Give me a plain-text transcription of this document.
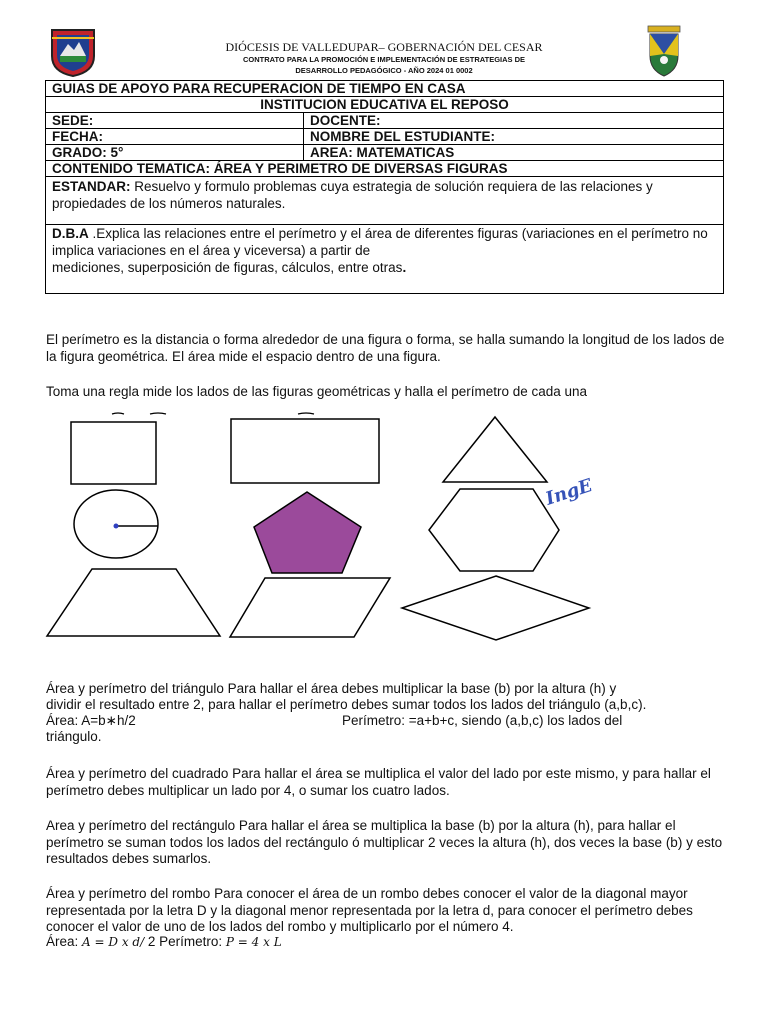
DIÓCESIS DE VALLEDUPAR– GOBERNACIÓN DEL CESAR
CONTRATO PARA LA PROMOCIÓN E IMPLEMENTACIÓN DE ESTRATEGIAS DE
DESARROLLO PEDAGÓGICO - AÑO 2024 01 0002
GUIAS DE APOYO PARA RECUPERACION DE TIEMPO EN CASA	
INSTITUCION EDUCATIVA EL REPOSO	
SEDE:	DOCENTE:
FECHA:	NOMBRE DEL ESTUDIANTE:
GRADO: 5°	AREA: MATEMATICAS
CONTENIDO TEMATICA: ÁREA Y PERIMETRO DE DIVERSAS FIGURAS	
ESTANDAR: Resuelvo y formulo problemas cuya estrategia de solución requiera de las relaciones y propiedades de los números naturales.	
D.B.A .Explica las relaciones entre el perímetro y el área de diferentes figuras (variaciones en el perímetro no implica variaciones en el área y viceversa) a partir de
mediciones, superposición de figuras, cálculos, entre otras.	
El perímetro es la distancia o forma alrededor de una figura o forma, se halla sumando la longitud de los lados de la figura geométrica. El área mide el espacio dentro de una figura.
Toma una regla mide los lados de las figuras geométricas y halla el perímetro de cada una
IngE
Área y perímetro del triángulo Para hallar el área debes multiplicar la base (b) por la altura (h) y
dividir el resultado entre 2, para hallar el perímetro debes sumar todos los lados del triángulo (a,b,c).
Área: A=b∗h/2	Perímetro: =a+b+c, siendo (a,b,c) los lados del
triángulo.
Área y perímetro del cuadrado Para hallar el área se multiplica el valor del lado por este mismo, y para hallar el perímetro debes multiplicar un lado por 4, o sumar los cuatro lados.
Area y perímetro del rectángulo Para hallar el área se multiplica la base (b) por la altura (h), para hallar el perímetro se suman todos los lados del rectángulo ó multiplicar 2 veces la altura (h), dos veces la base (b) y esto resultados debes sumarlos.
Área y perímetro del rombo Para conocer el área de un rombo debes conocer el valor de la diagonal mayor representada por la letra D y la diagonal menor representada por la letra d, para conocer el perímetro debes conocer el valor de uno de los lados del rombo y multiplicarlo por el número 4.
Área: A = D x d/ 2 Perímetro: P = 4 x L
